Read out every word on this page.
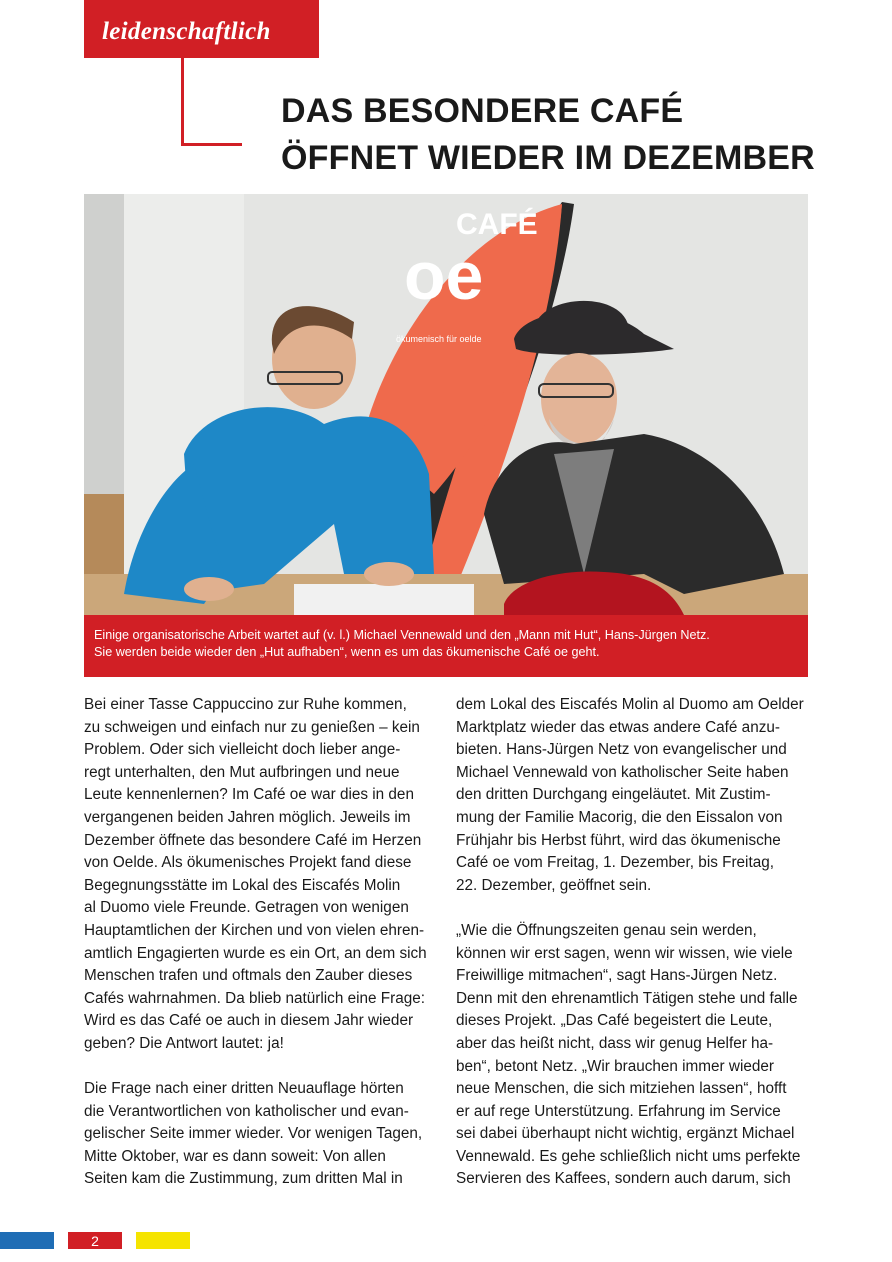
leidenschaftlich
DAS BESONDERE CAFÉ
ÖFFNET WIEDER IM DEZEMBER
CAFÉ
oe
ökumenisch für oelde
Einige organisatorische Arbeit wartet auf (v. l.) Michael Vennewald und den „Mann mit Hut“, Hans-Jürgen Netz.
Sie werden beide wieder den „Hut aufhaben“, wenn es um das ökumenische Café oe geht.
Bei einer Tasse Cappuccino zur Ruhe kommen,
zu schweigen und einfach nur zu genießen – kein
Problem. Oder sich vielleicht doch lieber ange-
regt unterhalten, den Mut aufbringen und neue
Leute kennenlernen? Im Café oe war dies in den
vergangenen beiden Jahren möglich. Jeweils im
Dezember öffnete das besondere Café im Herzen
von Oelde. Als ökumenisches Projekt fand diese
Begegnungsstätte im Lokal des Eiscafés Molin
al Duomo viele Freunde. Getragen von wenigen
Hauptamtlichen der Kirchen und von vielen ehren-
amtlich Engagierten wurde es ein Ort, an dem sich
Menschen trafen und oftmals den Zauber dieses
Cafés wahrnahmen. Da blieb natürlich eine Frage:
Wird es das Café oe auch in diesem Jahr wieder
geben? Die Antwort lautet: ja!
Die Frage nach einer dritten Neuauflage hörten
die Verantwortlichen von katholischer und evan-
gelischer Seite immer wieder. Vor wenigen Tagen,
Mitte Oktober, war es dann soweit: Von allen
Seiten kam die Zustimmung, zum dritten Mal in
dem Lokal des Eiscafés Molin al Duomo am Oelder
Marktplatz wieder das etwas andere Café anzu-
bieten. Hans-Jürgen Netz von evangelischer und
Michael Vennewald von katholischer Seite haben
den dritten Durchgang eingeläutet. Mit Zustim-
mung der Familie Macorig, die den Eissalon von
Frühjahr bis Herbst führt, wird das ökumenische
Café oe vom Freitag, 1. Dezember, bis Freitag,
22. Dezember, geöffnet sein.
„Wie die Öffnungszeiten genau sein werden,
können wir erst sagen, wenn wir wissen, wie viele
Freiwillige mitmachen“, sagt Hans-Jürgen Netz.
Denn mit den ehrenamtlich Tätigen stehe und falle
dieses Projekt. „Das Café begeistert die Leute,
aber das heißt nicht, dass wir genug Helfer ha-
ben“, betont Netz. „Wir brauchen immer wieder
neue Menschen, die sich mitziehen lassen“, hofft
er auf rege Unterstützung. Erfahrung im Service
sei dabei überhaupt nicht wichtig, ergänzt Michael
Vennewald. Es gehe schließlich nicht ums perfekte
Servieren des Kaffees, sondern auch darum, sich
2
